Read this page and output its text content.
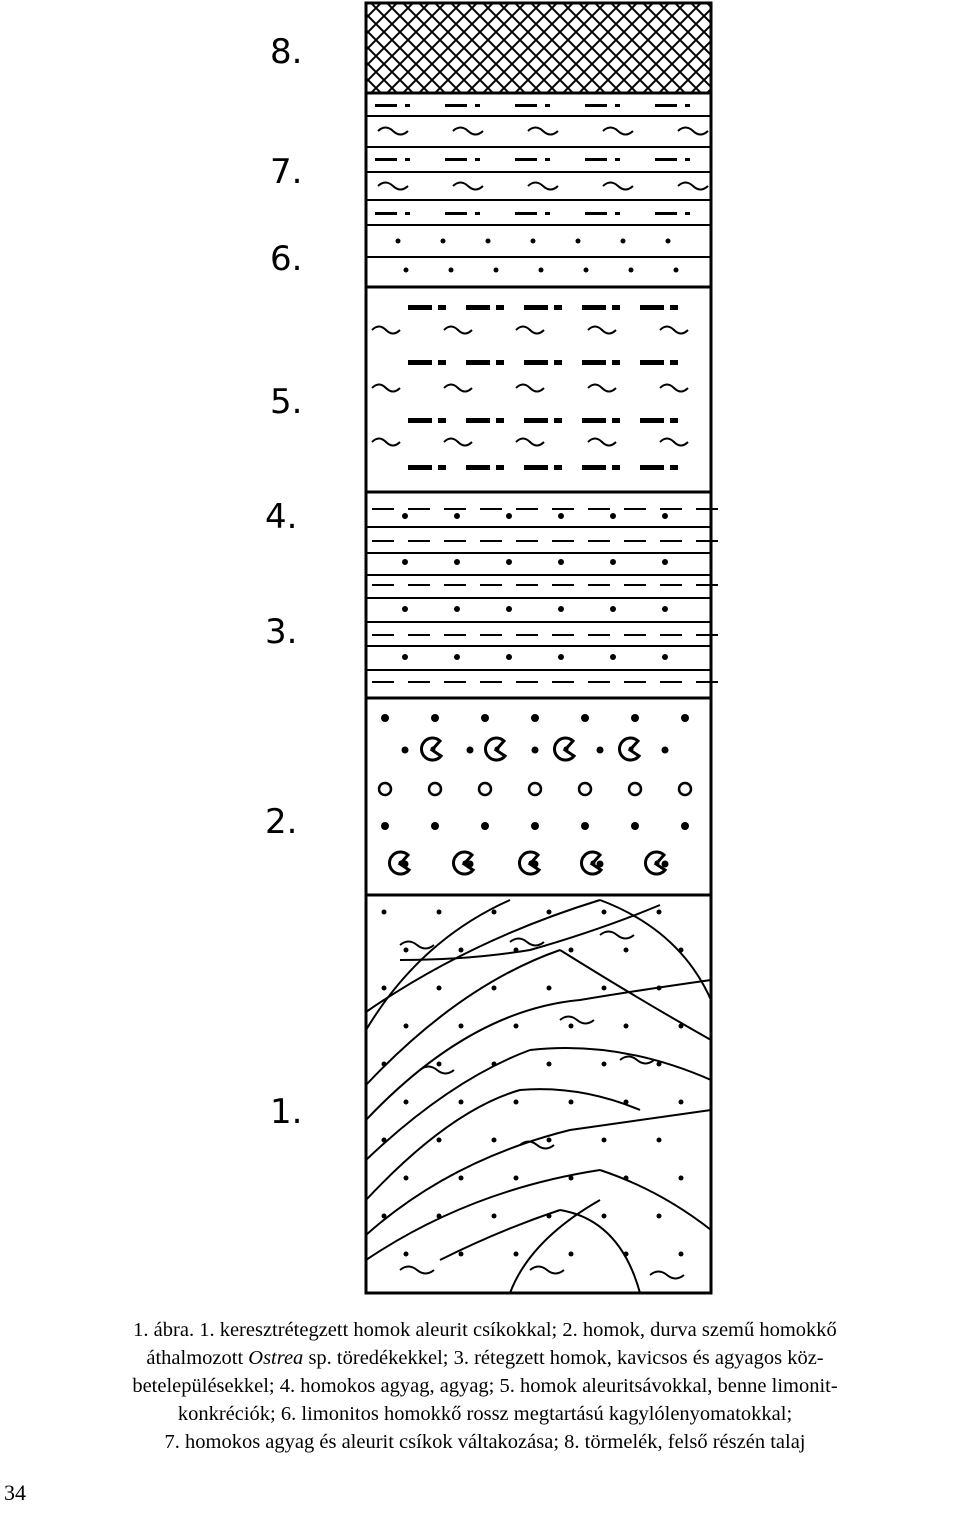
8.
7.
6.
5.
4.
3.
2.
1.
1. ábra. 1. keresztrétegzett homok aleurit csíkokkal; 2. homok, durva szemű homokkő
áthalmozott Ostrea sp. töredékekkel; 3. rétegzett homok, kavicsos és agyagos köz-
betelepülésekkel; 4. homokos agyag, agyag; 5. homok aleuritsávokkal, benne limonit-
konkréciók; 6. limonitos homokkő rossz megtartású kagylólenyomatokkal;
7. homokos agyag és aleurit csíkok váltakozása; 8. törmelék, felső részén talaj
34
